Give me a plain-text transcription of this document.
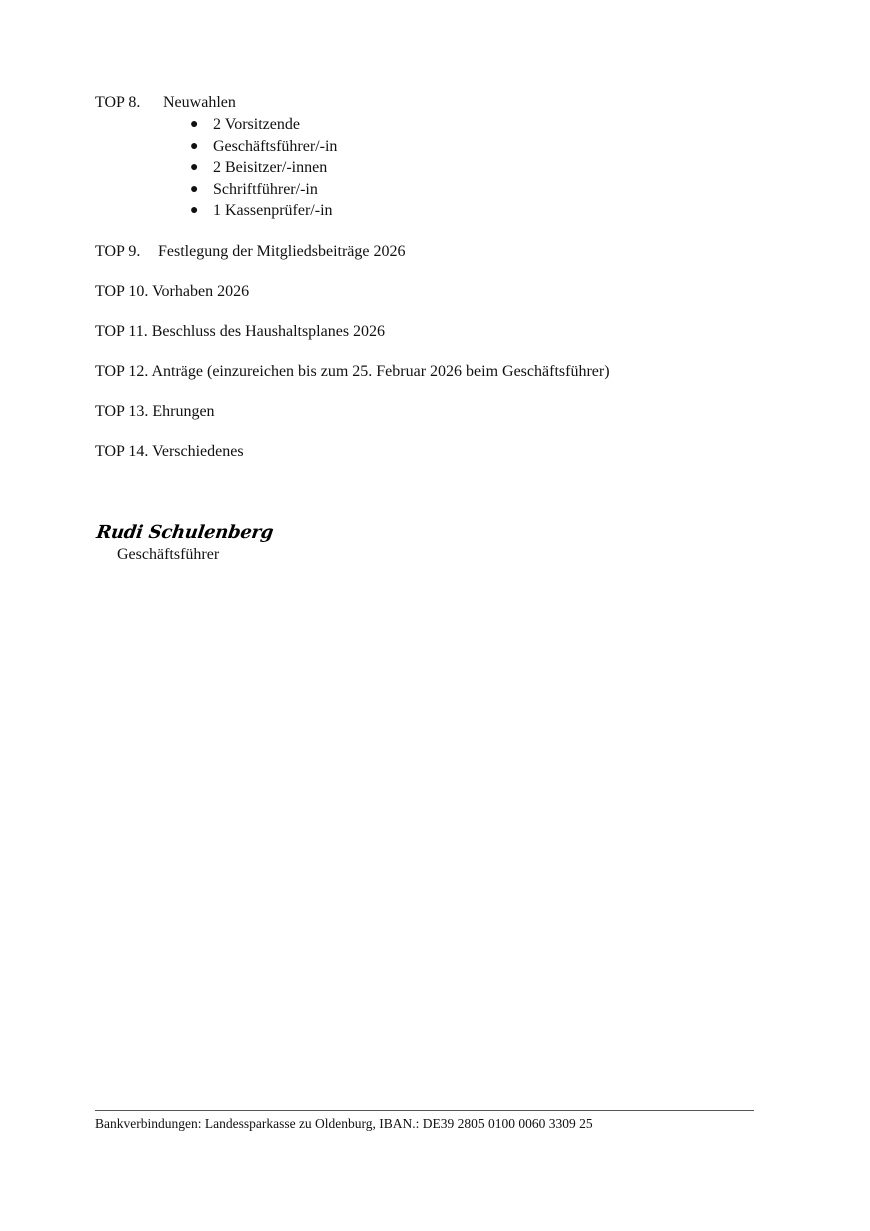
TOP 8. Neuwahlen
● 2 Vorsitzende
● Geschäftsführer/-in
● 2 Beisitzer/-innen
● Schriftführer/-in
● 1 Kassenprüfer/-in
TOP 9. Festlegung der Mitgliedsbeiträge 2026
TOP 10. Vorhaben 2026
TOP 11. Beschluss des Haushaltsplanes 2026
TOP 12. Anträge (einzureichen bis zum 25. Februar 2026 beim Geschäftsführer)
TOP 13. Ehrungen
TOP 14. Verschiedenes
Rudi Schulenberg
Geschäftsführer
Bankverbindungen: Landessparkasse zu Oldenburg, IBAN.: DE39 2805 0100 0060 3309 25
